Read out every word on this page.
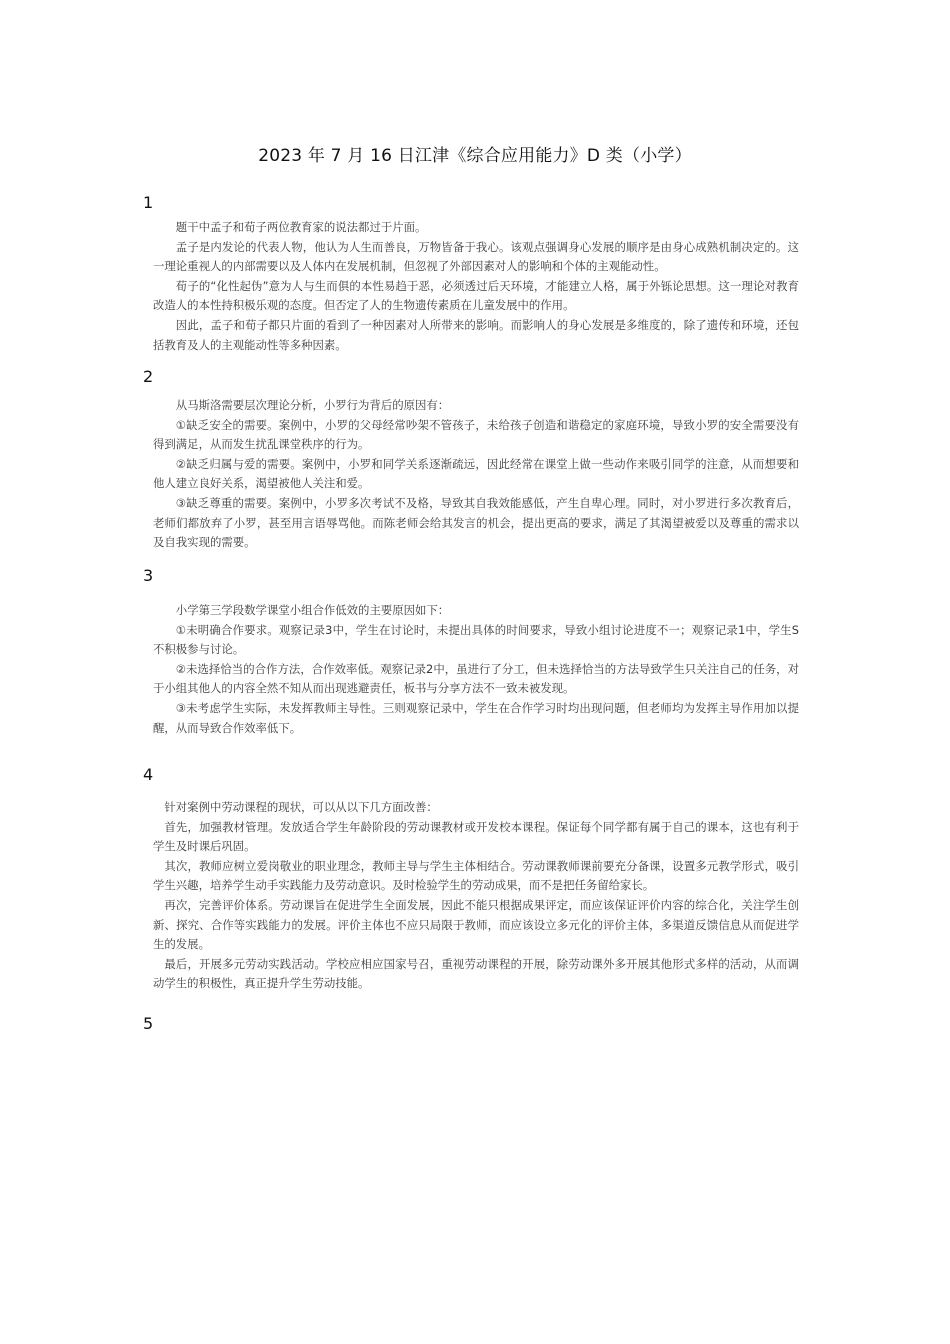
2023 年 7 月 16 日江津《综合应用能力》D 类（小学）
1

题干中孟子和荀子两位教育家的说法都过于片面。

孟子是内发论的代表人物，他认为人生而善良，万物皆备于我心。该观点强调身心发展的顺序是由身心成熟机制决定的。这一理论重视人的内部需要以及人体内在发展机制，但忽视了外部因素对人的影响和个体的主观能动性。

荀子的“化性起伪”意为人与生而俱的本性易趋于恶，必须透过后天环境，才能建立人格，属于外铄论思想。这一理论对教育改造人的本性持积极乐观的态度。但否定了人的生物遗传素质在儿童发展中的作用。

因此，孟子和荀子都只片面的看到了一种因素对人所带来的影响。而影响人的身心发展是多维度的，除了遗传和环境，还包括教育及人的主观能动性等多种因素。

2

从马斯洛需要层次理论分析，小罗行为背后的原因有：

①缺乏安全的需要。案例中，小罗的父母经常吵架不管孩子，未给孩子创造和谐稳定的家庭环境，导致小罗的安全需要没有得到满足，从而发生扰乱课堂秩序的行为。

②缺乏归属与爱的需要。案例中，小罗和同学关系逐渐疏远，因此经常在课堂上做一些动作来吸引同学的注意，从而想要和他人建立良好关系，渴望被他人关注和爱。

③缺乏尊重的需要。案例中，小罗多次考试不及格，导致其自我效能感低，产生自卑心理。同时，对小罗进行多次教育后，老师们都放弃了小罗，甚至用言语辱骂他。而陈老师会给其发言的机会，提出更高的要求，满足了其渴望被爱以及尊重的需求以及自我实现的需要。

3

小学第三学段数学课堂小组合作低效的主要原因如下：

①未明确合作要求。观察记录3中，学生在讨论时，未提出具体的时间要求，导致小组讨论进度不一；观察记录1中，学生S不积极参与讨论。

②未选择恰当的合作方法，合作效率低。观察记录2中，虽进行了分工，但未选择恰当的方法导致学生只关注自己的任务，对于小组其他人的内容全然不知从而出现逃避责任，板书与分享方法不一致未被发现。

③未考虑学生实际，未发挥教师主导性。三则观察记录中，学生在合作学习时均出现问题，但老师均为发挥主导作用加以提醒，从而导致合作效率低下。

4

针对案例中劳动课程的现状，可以从以下几方面改善：

首先，加强教材管理。发放适合学生年龄阶段的劳动课教材或开发校本课程。保证每个同学都有属于自己的课本，这也有利于学生及时课后巩固。

其次，教师应树立爱岗敬业的职业理念，教师主导与学生主体相结合。劳动课教师课前要充分备课，设置多元教学形式，吸引学生兴趣，培养学生动手实践能力及劳动意识。及时检验学生的劳动成果，而不是把任务留给家长。

再次，完善评价体系。劳动课旨在促进学生全面发展，因此不能只根据成果评定，而应该保证评价内容的综合化，关注学生创新、探究、合作等实践能力的发展。评价主体也不应只局限于教师，而应该设立多元化的评价主体，多渠道反馈信息从而促进学生的发展。

最后，开展多元劳动实践活动。学校应相应国家号召，重视劳动课程的开展，除劳动课外多开展其他形式多样的活动，从而调动学生的积极性，真正提升学生劳动技能。

5
